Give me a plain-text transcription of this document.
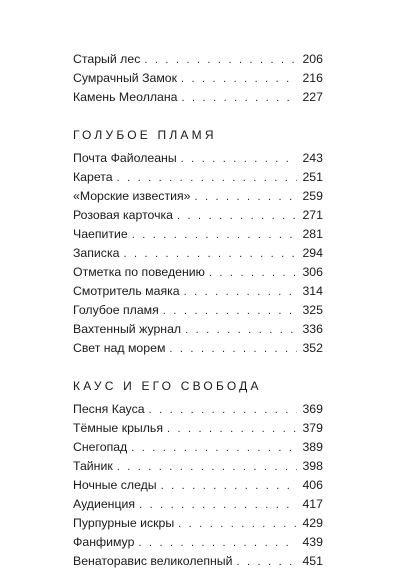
Старый лес . . .	206
Сумрачный Замок . . .	216
Камень Меоллана . . .	227
ГОЛУБОЕ ПЛАМЯ
Почта Файолеаны . . .	243
Карета . . .	251
«Морские известия» . . .	259
Розовая карточка . . .	271
Чаепитие . . .	281
Записка . . .	294
Отметка по поведению . . .	306
Смотритель маяка . . .	314
Голубое пламя . . .	325
Вахтенный журнал . . .	336
Свет над морем . . .	352
КАУС И ЕГО СВОБОДА
Песня Кауса . . .	369
Тёмные крылья . . .	379
Снегопад . . .	389
Тайник . . .	398
Ночные следы . . .	406
Аудиенция . . .	417
Пурпурные искры . . .	429
Фанфимур . . .	439
Венаторавис великолепный . . .	451
